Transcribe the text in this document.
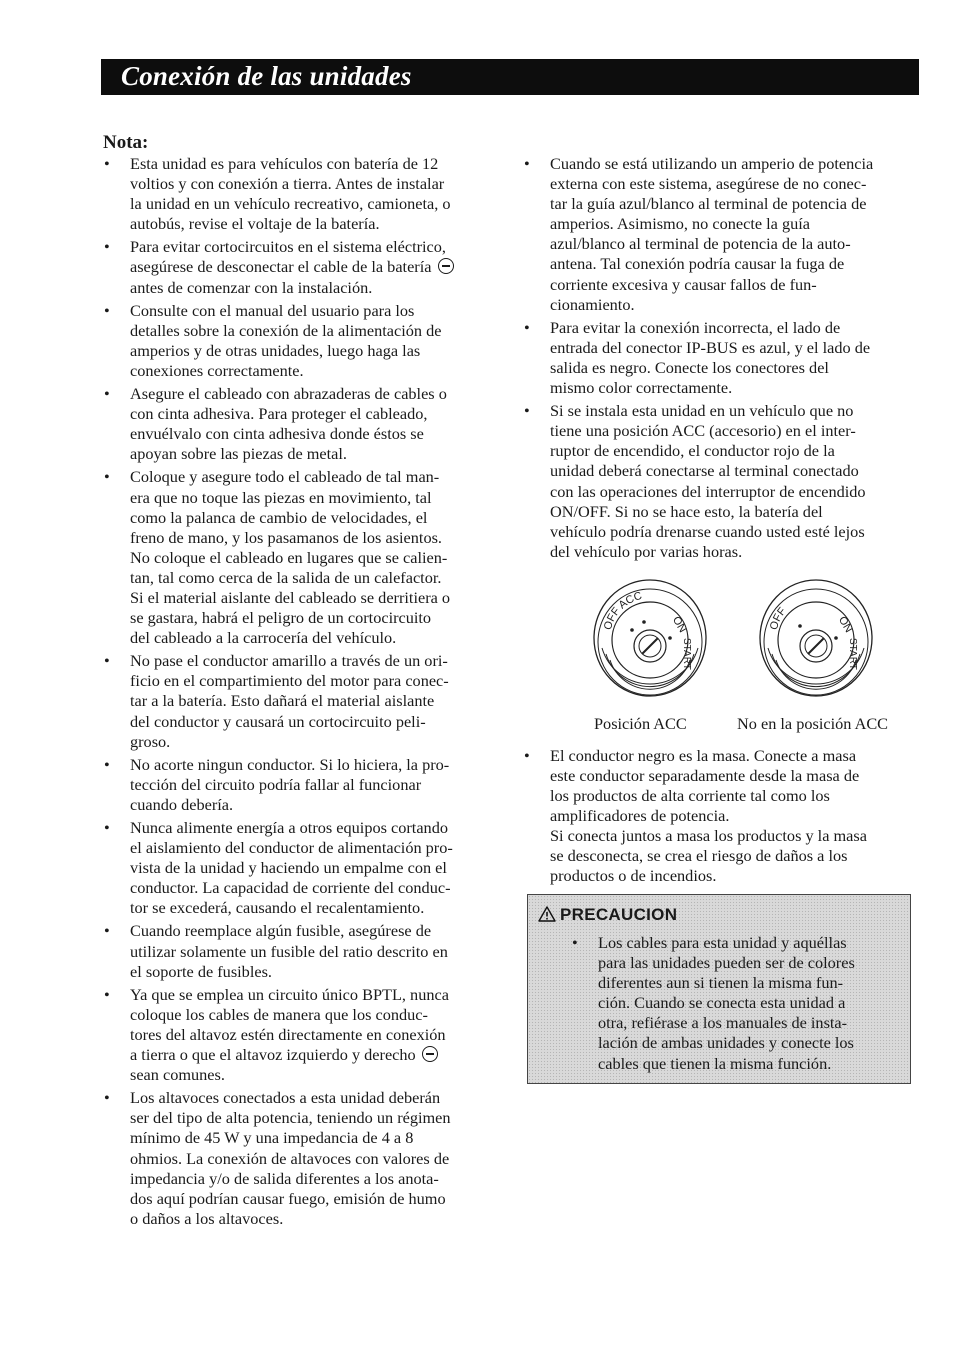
Conexión de las unidades
Nota:
• Esta unidad es para vehículos con batería de 12
voltios y con conexión a tierra. Antes de instalar
la unidad en un vehículo recreativo, camioneta, o
autobús, revise el voltaje de la batería.
• Para evitar cortocircuitos en el sistema eléctrico,
asegúrese de desconectar el cable de la batería
antes de comenzar con la instalación.
• Consulte con el manual del usuario para los
detalles sobre la conexión de la alimentación de
amperios y de otras unidades, luego haga las
conexiones correctamente.
• Asegure el cableado con abrazaderas de cables o
con cinta adhesiva. Para proteger el cableado,
envuélvalo con cinta adhesiva donde éstos se
apoyan sobre las piezas de metal.
• Coloque y asegure todo el cableado de tal man-
era que no toque las piezas en movimiento, tal
como la palanca de cambio de velocidades, el
freno de mano, y los pasamanos de los asientos.
No coloque el cableado en lugares que se calien-
tan, tal como cerca de la salida de un calefactor.
Si el material aislante del cableado se derritiera o
se gastara, habrá el peligro de un cortocircuito
del cableado a la carrocería del vehículo.
• No pase el conductor amarillo a través de un ori-
ficio en el compartimiento del motor para conec-
tar a la batería. Esto dañará el material aislante
del conductor y causará un cortocircuito peli-
groso.
• No acorte ningun conductor. Si lo hiciera, la pro-
tección del circuito podría fallar al funcionar
cuando debería.
• Nunca alimente energía a otros equipos cortando
el aislamiento del conductor de alimentación pro-
vista de la unidad y haciendo un empalme con el
conductor. La capacidad de corriente del conduc-
tor se excederá, causando el recalentamiento.
• Cuando reemplace algún fusible, asegúrese de
utilizar solamente un fusible del ratio descrito en
el soporte de fusibles.
• Ya que se emplea un circuito único BPTL, nunca
coloque los cables de manera que los conduc-
tores del altavoz estén directamente en conexión
a tierra o que el altavoz izquierdo y derecho
sean comunes.
• Los altavoces conectados a esta unidad deberán
ser del tipo de alta potencia, teniendo un régimen
mínimo de 45 W y una impedancia de 4 a 8
ohmios. La conexión de altavoces con valores de
impedancia y/o de salida diferentes a los anota-
dos aquí podrían causar fuego, emisión de humo
o daños a los altavoces.
• Cuando se está utilizando un amperio de potencia
externa con este sistema, asegúrese de no conec-
tar la guía azul/blanco al terminal de potencia de
amperios. Asimismo, no conecte la guía
azul/blanco al terminal de potencia de la auto-
antena. Tal conexión podría causar la fuga de
corriente excesiva y causar fallos de fun-
cionamiento.
• Para evitar la conexión incorrecta, el lado de
entrada del conector IP-BUS es azul, y el lado de
salida es negro. Conecte los conectores del
mismo color correctamente.
• Si se instala esta unidad en un vehículo que no
tiene una posición ACC (accesorio) en el inter-
ruptor de encendido, el conductor rojo de la
unidad deberá conectarse al terminal conectado
con las operaciones del interruptor de encendido
ON/OFF. Si no se hace esto, la batería del
vehículo podría drenarse cuando usted esté lejos
del vehículo por varias horas.
OFF ACC
ON
START
OFF
ON
START
Posición ACC	No en la posición ACC
• El conductor negro es la masa. Conecte a masa
este conductor separadamente desde la masa de
los productos de alta corriente tal como los
amplificadores de potencia.
Si conecta juntos a masa los productos y la masa
se desconecta, se crea el riesgo de daños a los
productos o de incendios.
PRECAUCION
• Los cables para esta unidad y aquéllas
para las unidades pueden ser de colores
diferentes aun si tienen la misma fun-
ción. Cuando se conecta esta unidad a
otra, refiérase a los manuales de insta-
lación de ambas unidades y conecte los
cables que tienen la misma función.
